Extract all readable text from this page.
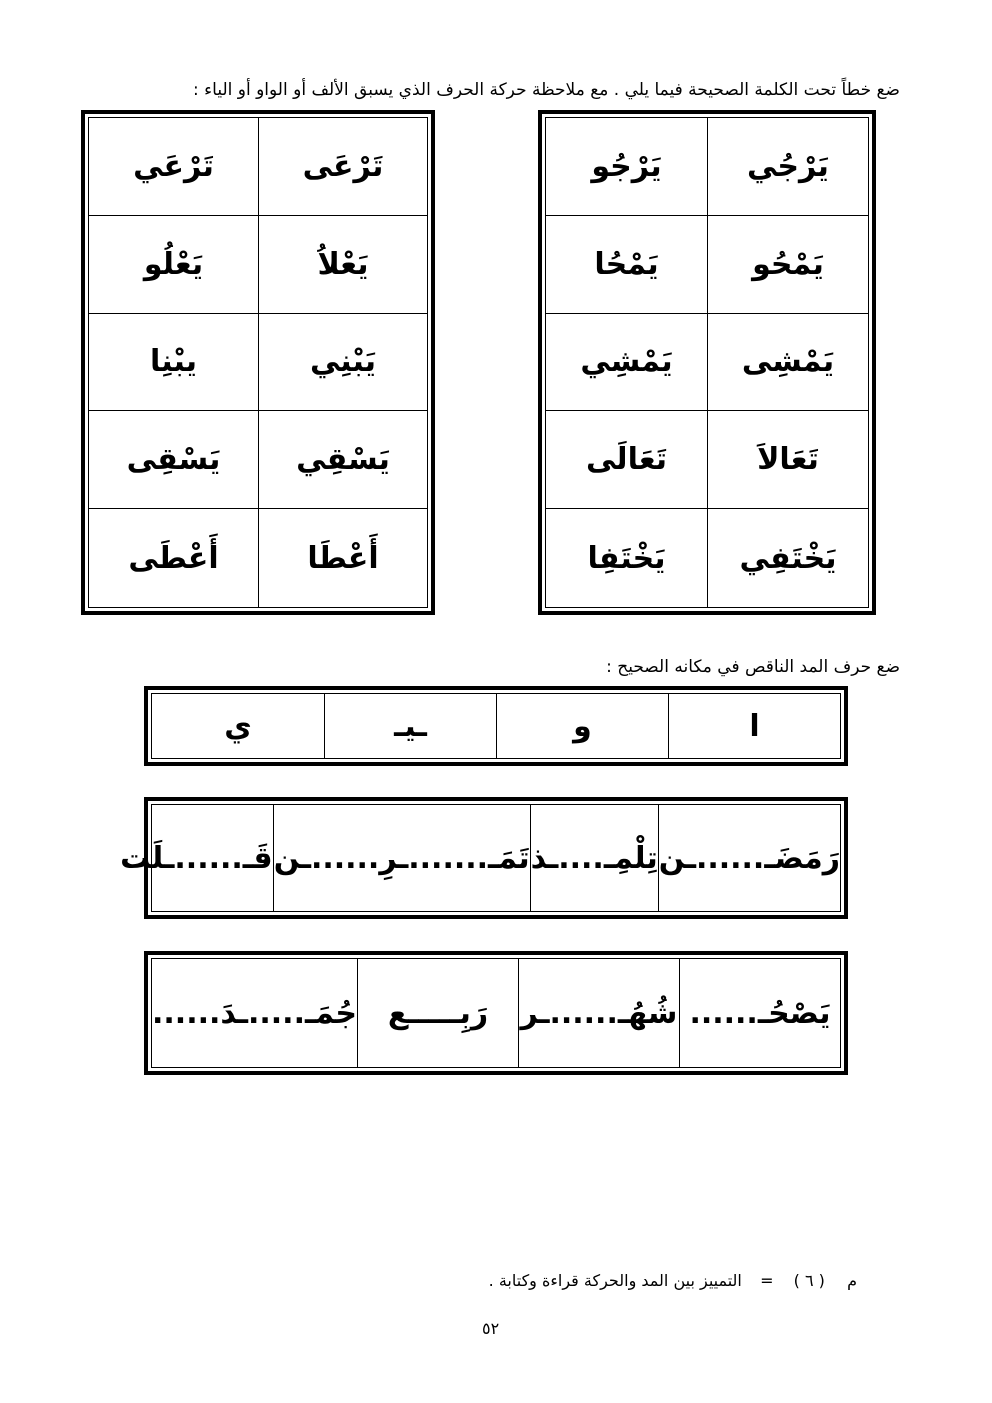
ضع خطاً تحت الكلمة الصحيحة فيما يلي . مع ملاحظة حركة الحرف الذي يسبق الألف أو الواو أو الياء :
يَرْجُي
يَرْجُو
يَمْحُو
يَمْحُا
يَمْشِى
يَمْشِي
تَعَالاَ
تَعَالَى
يَخْتَفِي
يَخْتَفِا
تَرْعَى
تَرْعَي
يَعْلاُ
يَعْلُو
يَبْنِي
يبْنِا
يَسْقِي
يَسْقِى
أَعْطَا
أَعْطَى
ضع حرف المد الناقص في مكانه الصحيح :
ا
و
ـيـ
ي
رَمَضَـ......ـن
تِلْمِـ....ـذ
تَمَـ.......ـرِ......ـن
قَـ......ـلَت
يَصْحُـ......
شُهُـ......ـر
رَبِـــــع
جُمَـ.....ـدَ......
م  ( ٦ )  =  التمييز بين المد والحركة قراءة وكتابة .
٥٢
